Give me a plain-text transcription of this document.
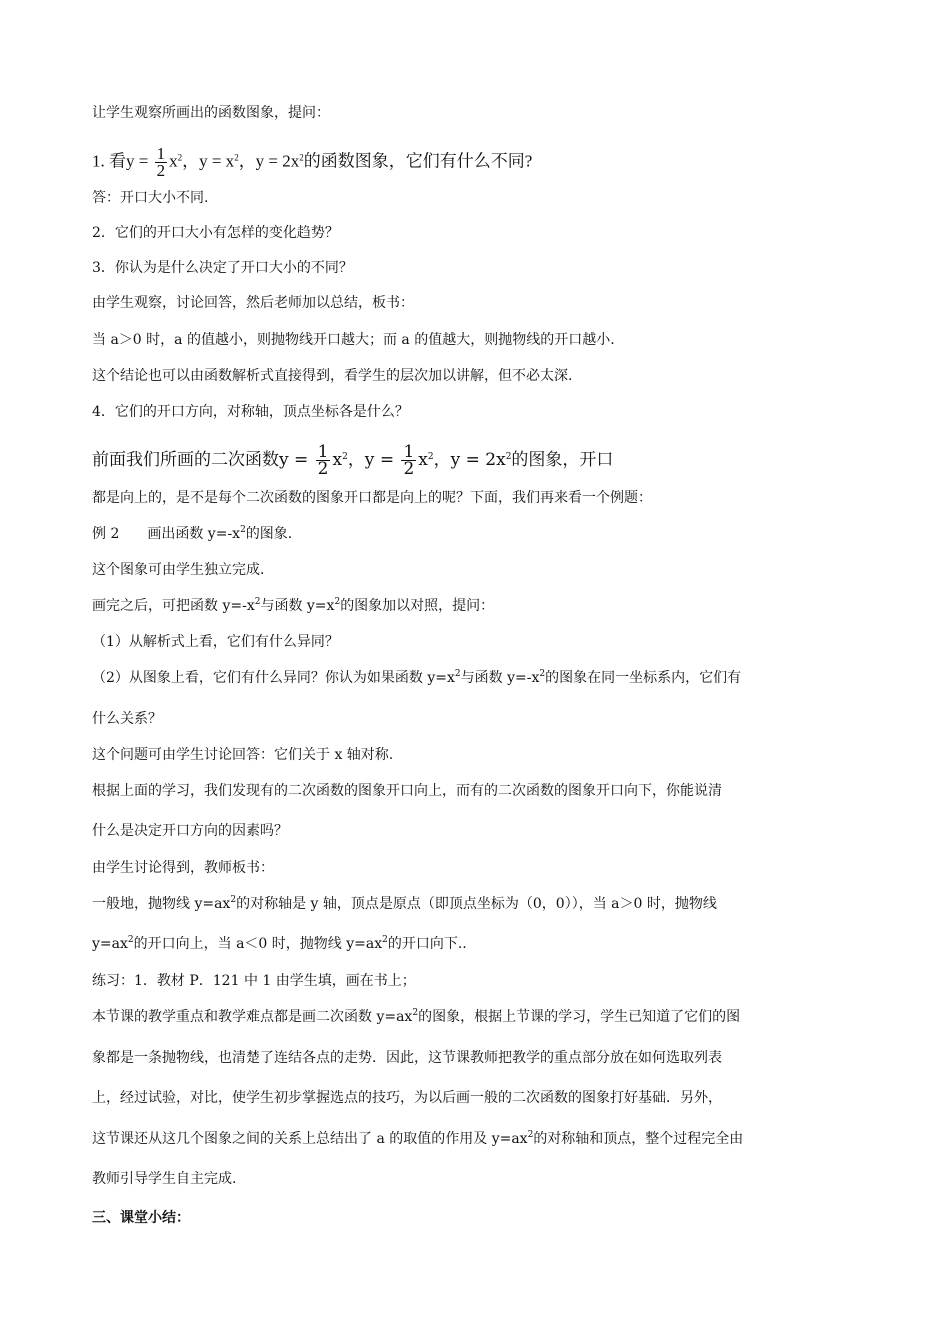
让学生观察所画出的函数图象，提问：
1. 看$y = \frac{1}{2} x^2$，$y = x^2$，$y = 2x^2$的函数图象，它们有什么不同?
答：开口大小不同.
2．它们的开口大小有怎样的变化趋势？
3．你认为是什么决定了开口大小的不同？
由学生观察，讨论回答，然后老师加以总结，板书：
当 a＞0 时，a 的值越小，则抛物线开口越大；而 a 的值越大，则抛物线的开口越小.
这个结论也可以由函数解析式直接得到，看学生的层次加以讲解，但不必太深.
4．它们的开口方向，对称轴，顶点坐标各是什么？
前面我们所画的二次函数$y = \frac{1}{2} x^2$，$y = \frac{1}{2} x^2$，$y = 2x^2$的图象，开口
都是向上的，是不是每个二次函数的图象开口都是向上的呢？下面，我们再来看一个例题：
例 2　　画出函数 $y=-x^2$的图象.
这个图象可由学生独立完成.
画完之后，可把函数 $y=-x^2$与函数 $y=x^2$的图象加以对照，提问：
（1）从解析式上看，它们有什么异同？
（2）从图象上看，它们有什么异同？你认为如果函数 $y=x^2$与函数 $y=-x^2$的图象在同一坐标系内，它们有
什么关系？
这个问题可由学生讨论回答：它们关于 x 轴对称.
根据上面的学习，我们发现有的二次函数的图象开口向上，而有的二次函数的图象开口向下，你能说清
什么是决定开口方向的因素吗？
由学生讨论得到，教师板书：
一般地，抛物线 $y=ax^2$的对称轴是 y 轴，顶点是原点（即顶点坐标为（0，0）），当 a＞0 时，抛物线
$y=ax^2$的开口向上，当 a＜0 时，抛物线 $y=ax^2$的开口向下..
练习：1．教材 P．121 中 1 由学生填，画在书上；
本节课的教学重点和教学难点都是画二次函数 $y=ax^2$的图象，根据上节课的学习，学生已知道了它们的图
象都是一条抛物线，也清楚了连结各点的走势．因此，这节课教师把教学的重点部分放在如何选取列表
上，经过试验，对比，使学生初步掌握选点的技巧，为以后画一般的二次函数的图象打好基础．另外，
这节课还从这几个图象之间的关系上总结出了 a 的取值的作用及 $y=ax^2$的对称轴和顶点，整个过程完全由
教师引导学生自主完成.
三、课堂小结：
